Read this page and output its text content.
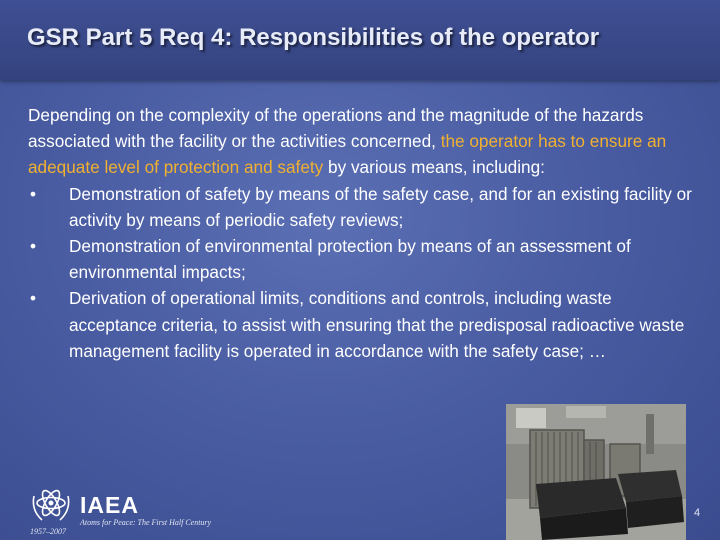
GSR Part 5 Req 4: Responsibilities of the operator

Depending on the complexity of the operations and the magnitude of the hazards associated with the facility or the activities concerned, the operator has to ensure an adequate level of protection and safety by various means, including:

• Demonstration of safety by means of the safety case, and for an existing facility or activity by means of periodic safety reviews;
• Demonstration of environmental protection by means of an assessment of environmental impacts;
• Derivation of operational limits, conditions and controls, including waste acceptance criteria, to assist with ensuring that the predisposal radioactive waste management facility is operated in accordance with the safety case; …
IAEA
Atoms for Peace: The First Half Century
1957–2007
4
